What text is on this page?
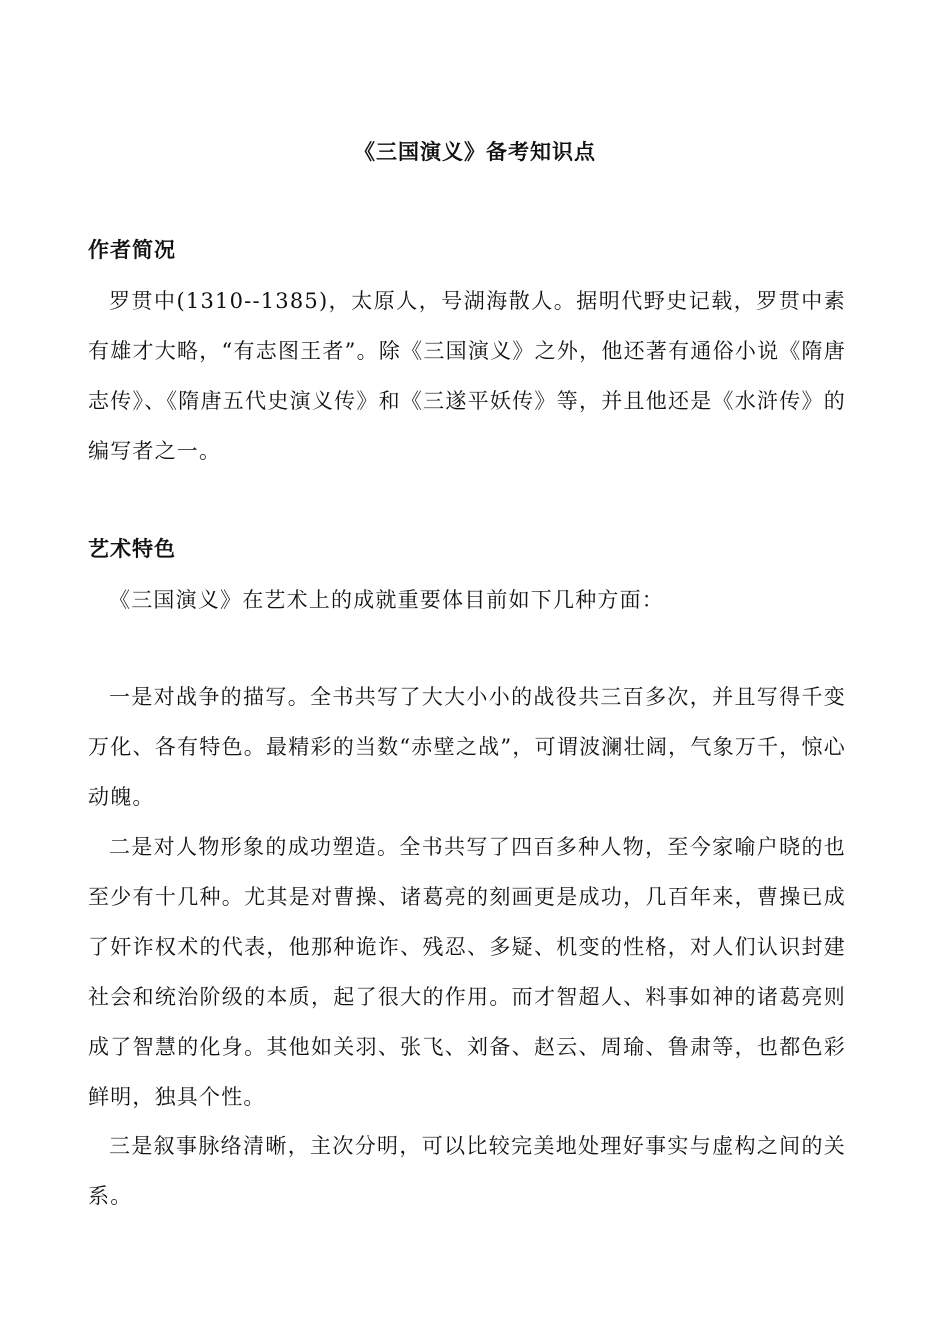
《三国演义》备考知识点
作者简况

罗贯中(1310--1385)，太原人，号湖海散人。据明代野史记载，罗贯中素有雄才大略，“有志图王者”。除《三国演义》之外，他还著有通俗小说《隋唐志传》、《隋唐五代史演义传》和《三遂平妖传》等，并且他还是《水浒传》的编写者之一。

艺术特色

《三国演义》在艺术上的成就重要体目前如下几种方面：

一是对战争的描写。全书共写了大大小小的战役共三百多次，并且写得千变万化、各有特色。最精彩的当数“赤壁之战”，可谓波澜壮阔，气象万千，惊心动魄。

二是对人物形象的成功塑造。全书共写了四百多种人物，至今家喻户晓的也至少有十几种。尤其是对曹操、诸葛亮的刻画更是成功，几百年来，曹操已成了奸诈权术的代表，他那种诡诈、残忍、多疑、机变的性格，对人们认识封建社会和统治阶级的本质，起了很大的作用。而才智超人、料事如神的诸葛亮则成了智慧的化身。其他如关羽、张飞、刘备、赵云、周瑜、鲁肃等，也都色彩鲜明，独具个性。

三是叙事脉络清晰，主次分明，可以比较完美地处理好事实与虚构之间的关系。
